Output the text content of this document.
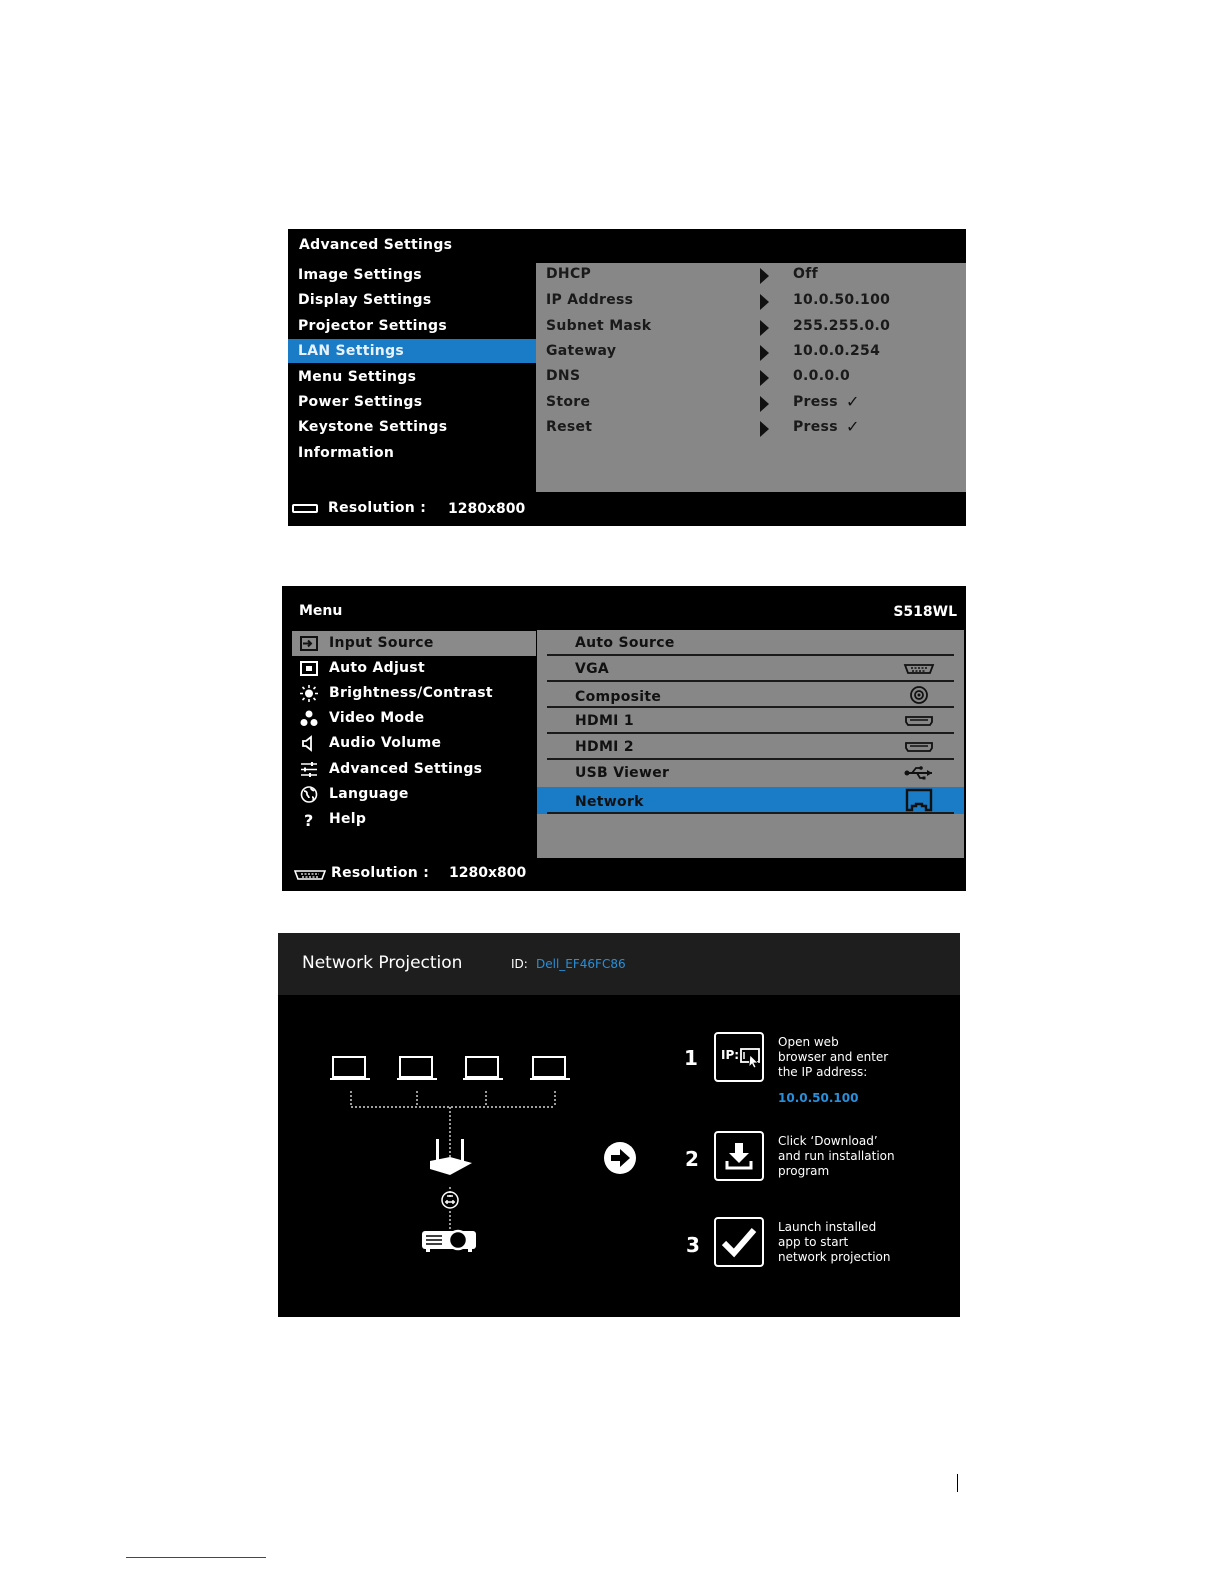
Advanced Settings
Image Settings
Display Settings
Projector Settings
LAN Settings
Menu Settings
Power Settings
Keystone Settings
Information
DHCP	Off
IP Address	10.0.50.100
Subnet Mask	255.255.0.0
Gateway	10.0.0.254
DNS	0.0.0.0
Store	Press ✓
Reset	Press ✓
Resolution : 1280x800
Menu	S518WL
Input Source
Auto Adjust
Brightness/Contrast
Video Mode
Audio Volume
Advanced Settings
Language
? Help
Auto Source
VGA
Composite
HDMI 1
HDMI 2
USB Viewer
Network
Resolution : 1280x800
Network Projection	ID: Dell_EF46FC86
1 IP:
Open web
browser and enter
the IP address:
10.0.50.100
2
Click ‘Download’
and run installation
program
3
Launch installed
app to start
network projection
